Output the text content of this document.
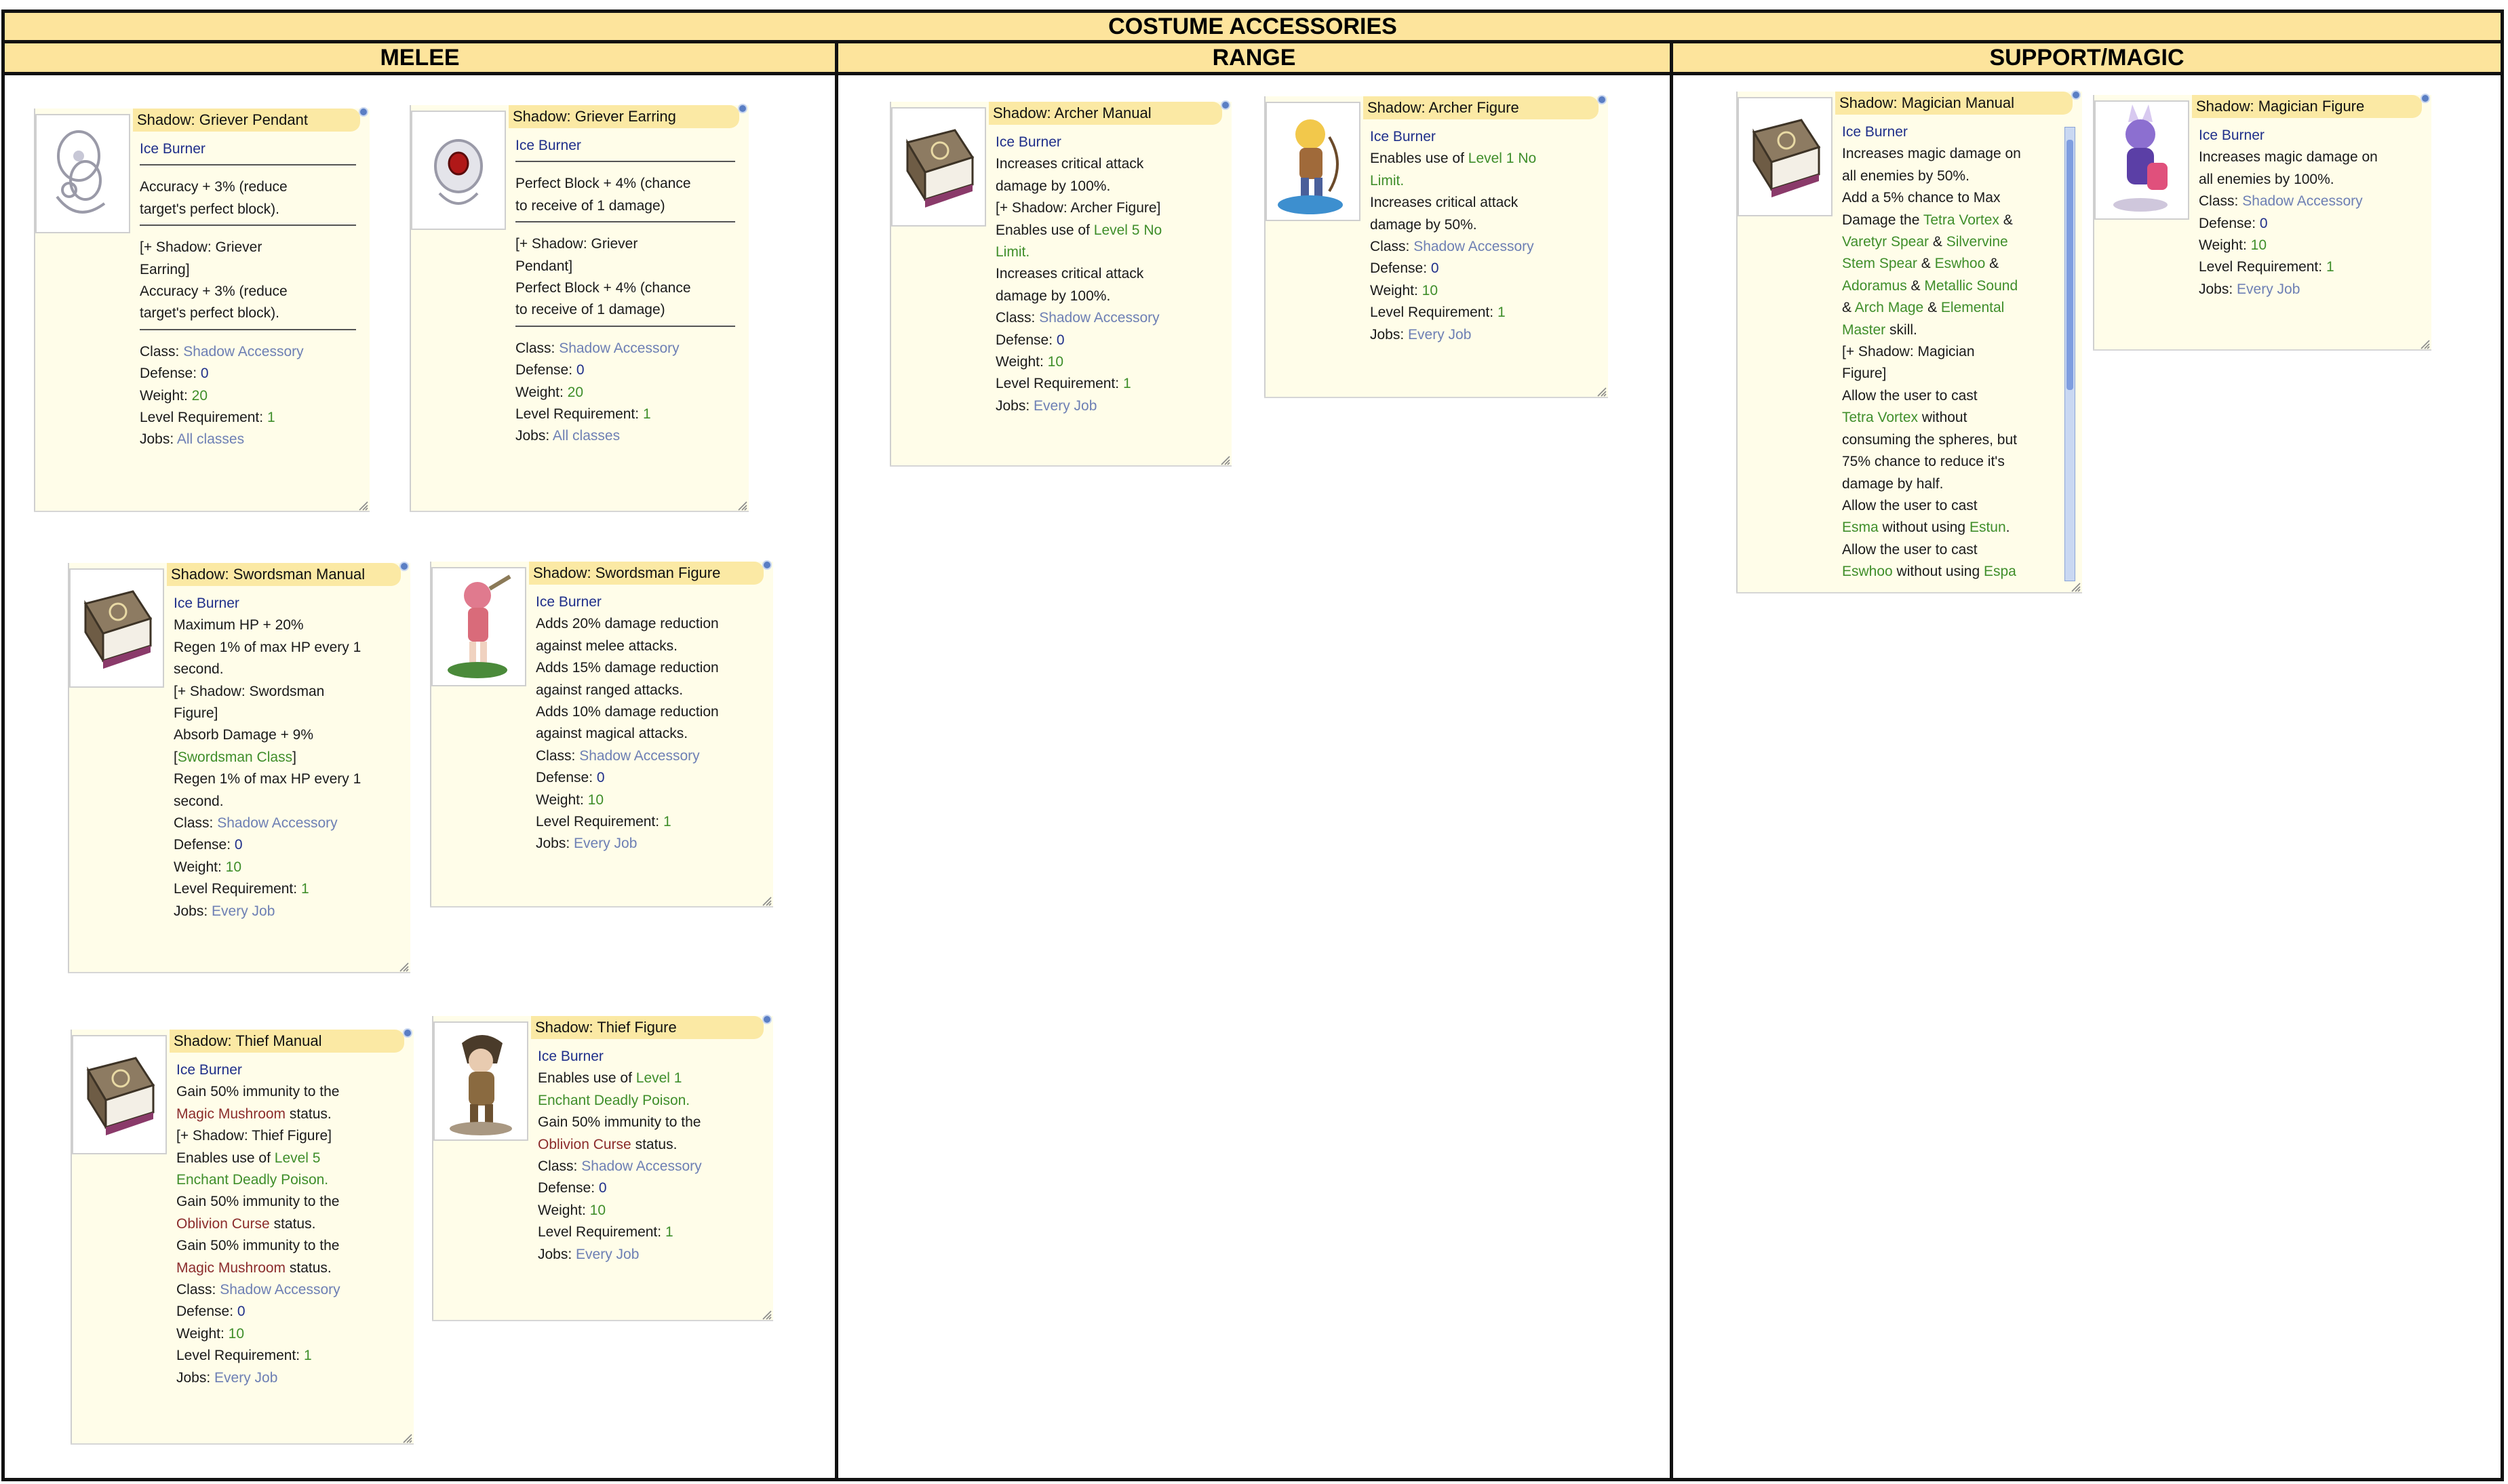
COSTUME ACCESSORIES
MELEE	RANGE	SUPPORT/MAGIC
Shadow: Griever Pendant
Ice Burner
Accuracy + 3% (reduce
target's perfect block).
[+ Shadow: Griever
Earring]
Accuracy + 3% (reduce
target's perfect block).
Class: Shadow Accessory
Defense: 0
Weight: 20
Level Requirement: 1
Jobs: All classes
Shadow: Griever Earring
Ice Burner
Perfect Block + 4% (chance
to receive of 1 damage)
[+ Shadow: Griever
Pendant]
Perfect Block + 4% (chance
to receive of 1 damage)
Class: Shadow Accessory
Defense: 0
Weight: 20
Level Requirement: 1
Jobs: All classes
Shadow: Swordsman Manual
Ice Burner
Maximum HP + 20%
Regen 1% of max HP every 1
second.
[+ Shadow: Swordsman
Figure]
Absorb Damage + 9%
[Swordsman Class]
Regen 1% of max HP every 1
second.
Class: Shadow Accessory
Defense: 0
Weight: 10
Level Requirement: 1
Jobs: Every Job
Shadow: Swordsman Figure
Ice Burner
Adds 20% damage reduction
against melee attacks.
Adds 15% damage reduction
against ranged attacks.
Adds 10% damage reduction
against magical attacks.
Class: Shadow Accessory
Defense: 0
Weight: 10
Level Requirement: 1
Jobs: Every Job
Shadow: Thief Manual
Ice Burner
Gain 50% immunity to the
Magic Mushroom status.
[+ Shadow: Thief Figure]
Enables use of Level 5
Enchant Deadly Poison.
Gain 50% immunity to the
Oblivion Curse status.
Gain 50% immunity to the
Magic Mushroom status.
Class: Shadow Accessory
Defense: 0
Weight: 10
Level Requirement: 1
Jobs: Every Job
Shadow: Thief Figure
Ice Burner
Enables use of Level 1
Enchant Deadly Poison.
Gain 50% immunity to the
Oblivion Curse status.
Class: Shadow Accessory
Defense: 0
Weight: 10
Level Requirement: 1
Jobs: Every Job
Shadow: Archer Manual
Ice Burner
Increases critical attack
damage by 100%.
[+ Shadow: Archer Figure]
Enables use of Level 5 No
Limit.
Increases critical attack
damage by 100%.
Class: Shadow Accessory
Defense: 0
Weight: 10
Level Requirement: 1
Jobs: Every Job
Shadow: Archer Figure
Ice Burner
Enables use of Level 1 No
Limit.
Increases critical attack
damage by 50%.
Class: Shadow Accessory
Defense: 0
Weight: 10
Level Requirement: 1
Jobs: Every Job
Shadow: Magician Manual
Ice Burner
Increases magic damage on
all enemies by 50%.
Add a 5% chance to Max
Damage the Tetra Vortex &
Varetyr Spear & Silvervine
Stem Spear & Eswhoo &
Adoramus & Metallic Sound
& Arch Mage & Elemental
Master skill.
[+ Shadow: Magician
Figure]
Allow the user to cast
Tetra Vortex without
consuming the spheres, but
75% chance to reduce it's
damage by half.
Allow the user to cast
Esma without using Estun.
Allow the user to cast
Eswhoo without using Espa
Shadow: Magician Figure
Ice Burner
Increases magic damage on
all enemies by 100%.
Class: Shadow Accessory
Defense: 0
Weight: 10
Level Requirement: 1
Jobs: Every Job
